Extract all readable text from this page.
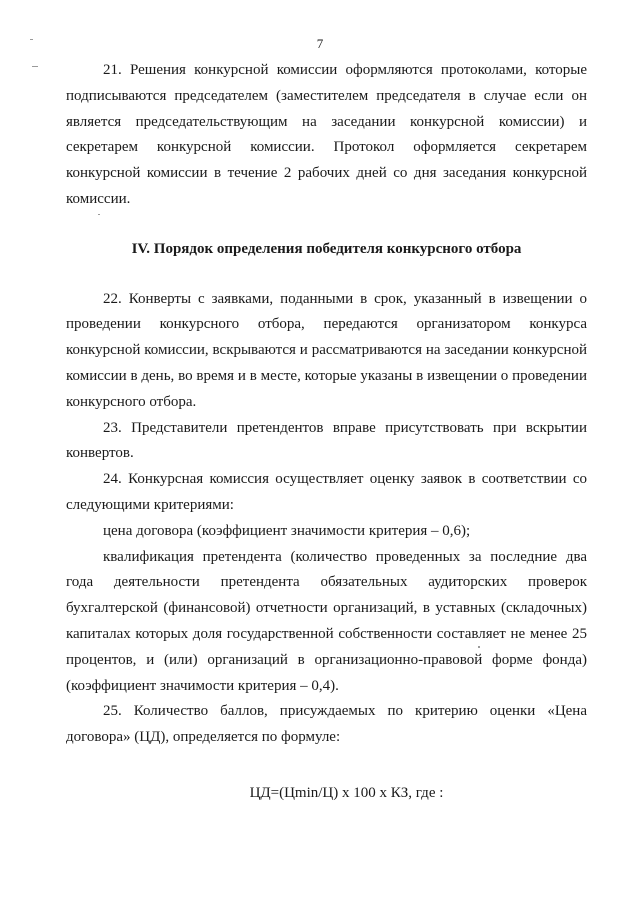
7

21. Решения конкурсной комиссии оформляются протоколами, которые подписываются председателем (заместителем председателя в случае если он является председательствующим на заседании конкурсной комиссии) и секретарем конкурсной комиссии. Протокол оформляется секретарем конкурсной комиссии в течение 2 рабочих дней со дня заседания конкурсной комиссии.

IV. Порядок определения победителя конкурсного отбора

22. Конверты с заявками, поданными в срок, указанный в извещении о проведении конкурсного отбора, передаются организатором конкурса конкурсной комиссии, вскрываются и рассматриваются на заседании конкурсной комиссии в день, во время и в месте, которые указаны в извещении о проведении конкурсного отбора.

23. Представители претендентов вправе присутствовать при вскрытии конвертов.

24. Конкурсная комиссия осуществляет оценку заявок в соответствии со следующими критериями:

цена договора (коэффициент значимости критерия – 0,6);

квалификация претендента (количество проведенных за последние два года деятельности претендента обязательных аудиторских проверок бухгалтерской (финансовой) отчетности организаций, в уставных (складочных) капиталах которых доля государственной собственности составляет не менее 25 процентов, и (или) организаций в организационно-правовой форме фонда) (коэффициент значимости критерия – 0,4).

25. Количество баллов, присуждаемых по критерию оценки «Цена договора» (ЦД), определяется по формуле:

ЦД=(Цmin/Ц) х 100 х КЗ, где :
